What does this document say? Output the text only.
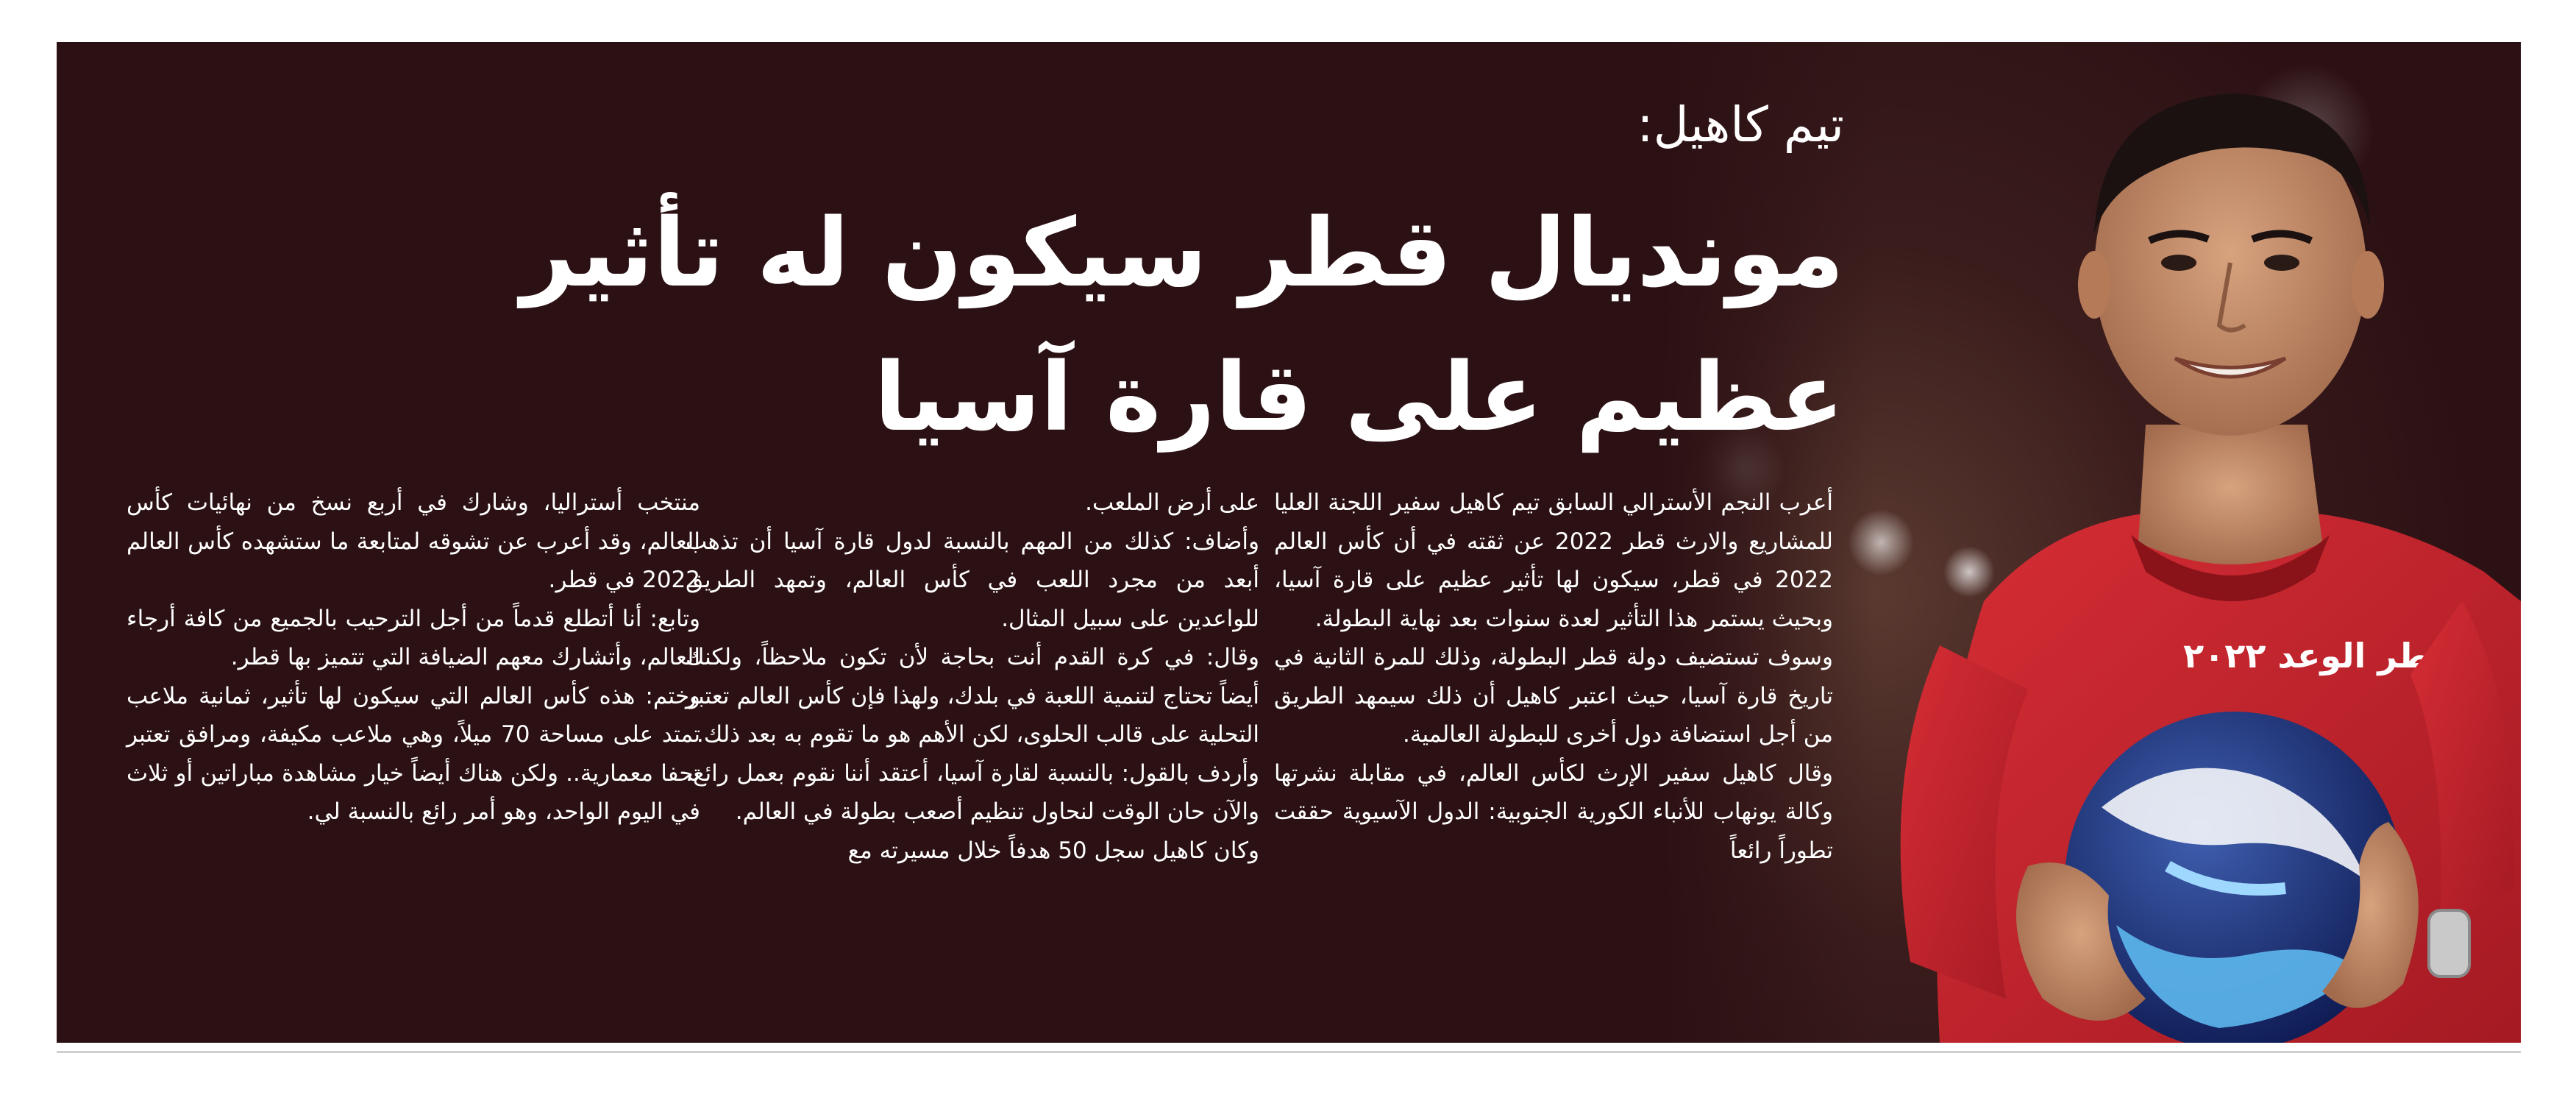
تيم كاهيل:
مونديال قطر سيكون له تأثير عظيم على قارة آسيا

أعرب النجم الأسترالي السابق تيم كاهيل سفير اللجنة العليا للمشاريع والارث قطر 2022 عن ثقته في أن كأس العالم 2022 في قطر، سيكون لها تأثير عظيم على قارة آسيا، وبحيث يستمر هذا التأثير لعدة سنوات بعد نهاية البطولة.

وسوف تستضيف دولة قطر البطولة، وذلك للمرة الثانية في تاريخ قارة آسيا، حيث اعتبر كاهيل أن ذلك سيمهد الطريق من أجل استضافة دول أخرى للبطولة العالمية.

وقال كاهيل سفير الإرث لكأس العالم، في مقابلة نشرتها وكالة يونهاب للأنباء الكورية الجنوبية: الدول الآسيوية حققت تطوراً رائعاً

على أرض الملعب.

وأضاف: كذلك من المهم بالنسبة لدول قارة آسيا أن تذهب أبعد من مجرد اللعب في كأس العالم، وتمهد الطريق للواعدين على سبيل المثال.

وقال: في كرة القدم أنت بحاجة لأن تكون ملاحظاً، ولكنك أيضاً تحتاج لتنمية اللعبة في بلدك، ولهذا فإن كأس العالم تعتبر التحلية على قالب الحلوى، لكن الأهم هو ما تقوم به بعد ذلك.

وأردف بالقول: بالنسبة لقارة آسيا، أعتقد أننا نقوم بعمل رائع، والآن حان الوقت لنحاول تنظيم أصعب بطولة في العالم.

وكان كاهيل سجل 50 هدفاً خلال مسيرته مع

منتخب أستراليا، وشارك في أربع نسخ من نهائيات كأس العالم، وقد أعرب عن تشوقه لمتابعة ما ستشهده كأس العالم 2022 في قطر.

وتابع: أنا أتطلع قدماً من أجل الترحيب بالجميع من كافة أرجاء العالم، وأتشارك معهم الضيافة التي تتميز بها قطر.

وختم: هذه كأس العالم التي سيكون لها تأثير، ثمانية ملاعب تمتد على مساحة 70 ميلاً، وهي ملاعب مكيفة، ومرافق تعتبر تحفا معمارية.. ولكن هناك أيضاً خيار مشاهدة مباراتين أو ثلاث في اليوم الواحد، وهو أمر رائع بالنسبة لي.
